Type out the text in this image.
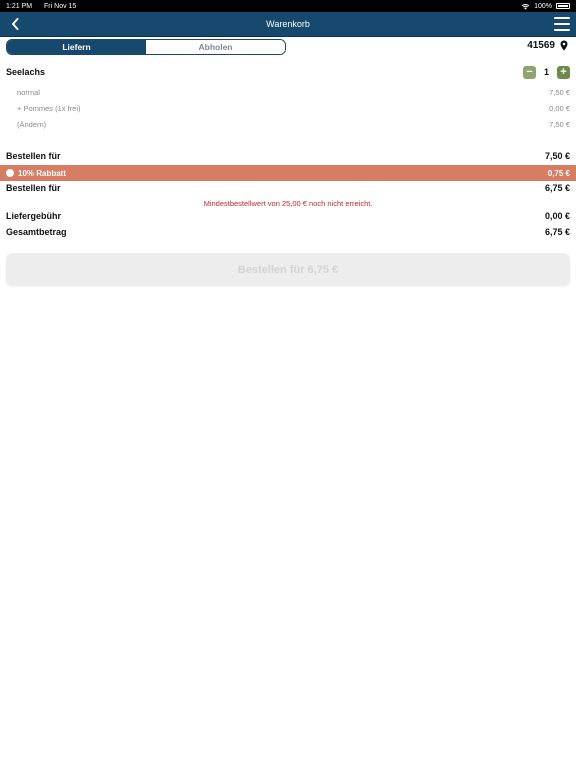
1:21 PM Fri Nov 15	100%
Warenkorb
Liefern	Abholen	41569
Seelachs	−	1 +
normal	7,50 €
+ Pommes (1x frei)	0,00 €
(Ändern)	7,50 €
Bestellen für	7,50 €
10% Rabbatt	0,75 €
Bestellen für	6,75 €
Mindestbestellwert von 25,00 € noch nicht erreicht.
Liefergebühr	0,00 €
Gesamtbetrag	6,75 €
Bestellen für 6,75 €
